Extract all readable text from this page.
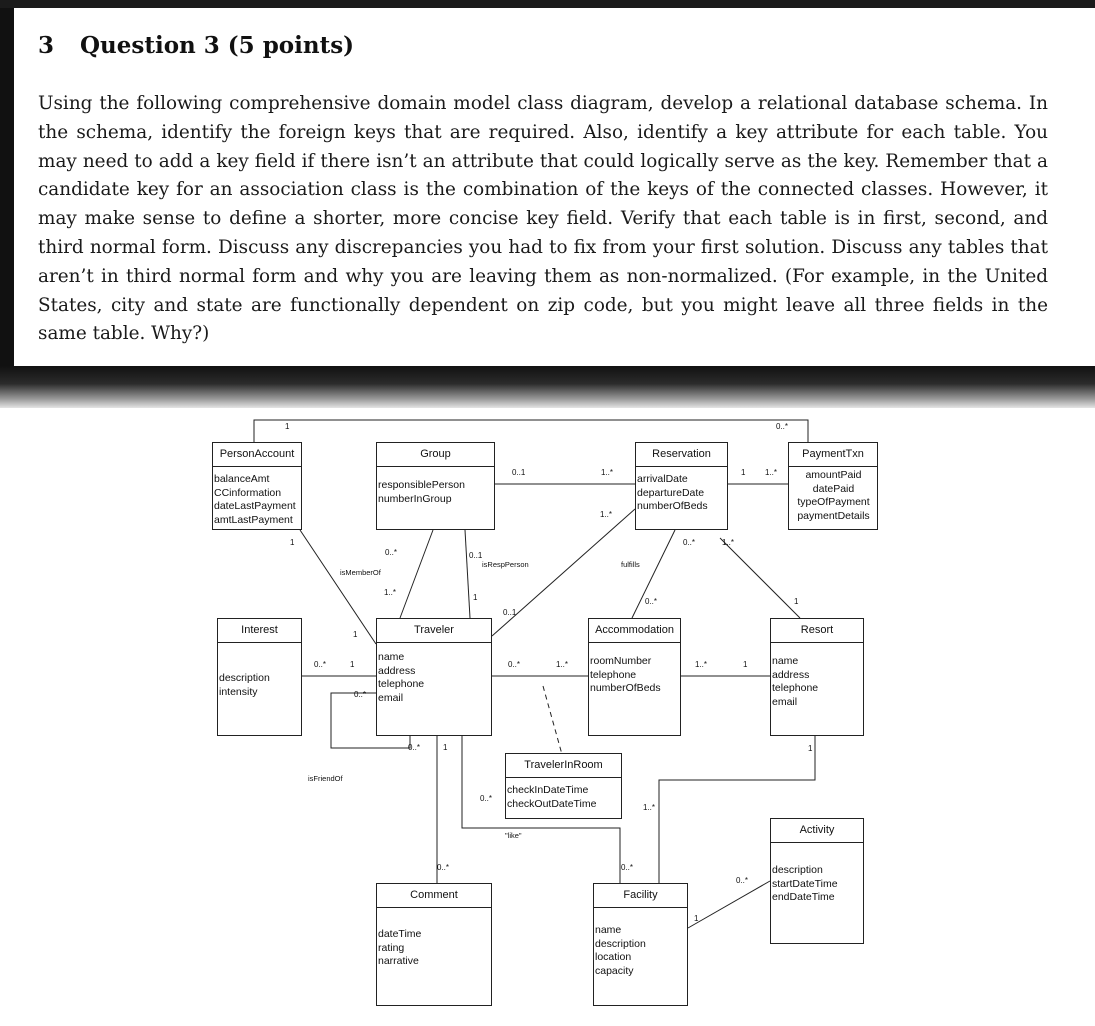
3 Question 3 (5 points)
Using the following comprehensive domain model class diagram, develop a relational database schema. In the schema, identify the foreign keys that are required. Also, identify a key attribute for each table. You may need to add a key field if there isn’t an attribute that could logically serve as the key. Remember that a candidate key for an association class is the combination of the keys of the connected classes. However, it may make sense to define a shorter, more concise key field. Verify that each table is in first, second, and third normal form. Discuss any discrepancies you had to fix from your first solution. Discuss any tables that aren’t in third normal form and why you are leaving them as non-normalized. (For example, in the United States, city and state are functionally dependent on zip code, but you might leave all three fields in the same table. Why?)
PersonAccount
balanceAmt
CCinformation
dateLastPayment
amtLastPayment
Group
responsiblePerson
numberInGroup
Reservation
arrivalDate
departureDate
numberOfBeds
PaymentTxn
amountPaid
datePaid
typeOfPayment
paymentDetails
Interest
description
intensity
Traveler
name
address
telephone
email
Accommodation
roomNumber
telephone
numberOfBeds
Resort
name
address
telephone
email
TravelerInRoom
checkInDateTime
checkOutDateTime
Activity
description
startDateTime
endDateTime
Comment
dateTime
rating
narrative
Facility
name
description
location
capacity
isMemberOf
isRespPerson	fulfills
isFriendOf
"like"
1	0..*
0..1	1..*	1 1..*
1..*
1
1
0..*
1..*
0..1
1
0..1
0..*
0..*
1..*
1
0..*	1
0..*
0..*	1..*	1..*	1
0..*	1	1
0..*
1..*
0..*	0..*
0..*
1
